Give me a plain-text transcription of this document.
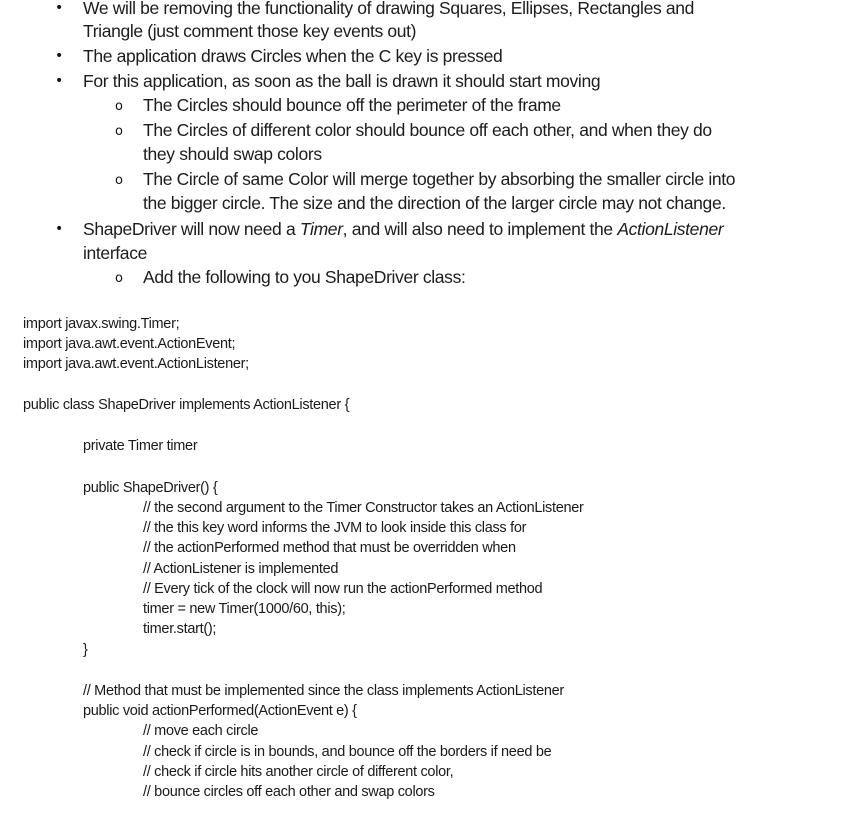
• We will be removing the functionality of drawing Squares, Ellipses, Rectangles and
Triangle (just comment those key events out)
• The application draws Circles when the C key is pressed
• For this application, as soon as the ball is drawn it should start moving
o The Circles should bounce off the perimeter of the frame
o The Circles of different color should bounce off each other, and when they do
they should swap colors
o The Circle of same Color will merge together by absorbing the smaller circle into
the bigger circle. The size and the direction of the larger circle may not change.
• ShapeDriver will now need a Timer, and will also need to implement the ActionListener
interface
o Add the following to you ShapeDriver class:
import javax.swing.Timer;
import java.awt.event.ActionEvent;
import java.awt.event.ActionListener;
public class ShapeDriver implements ActionListener {
private Timer timer
public ShapeDriver() {
// the second argument to the Timer Constructor takes an ActionListener
// the this key word informs the JVM to look inside this class for
// the actionPerformed method that must be overridden when
// ActionListener is implemented
// Every tick of the clock will now run the actionPerformed method
timer = new Timer(1000/60, this);
timer.start();
}
// Method that must be implemented since the class implements ActionListener
public void actionPerformed(ActionEvent e) {
// move each circle
// check if circle is in bounds, and bounce off the borders if need be
// check if circle hits another circle of different color,
// bounce circles off each other and swap colors
